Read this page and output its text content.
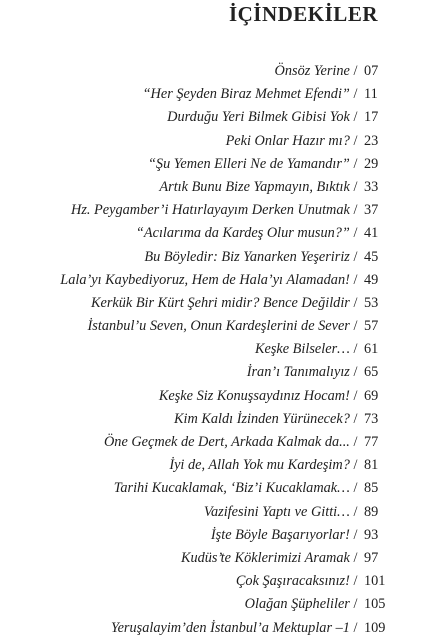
İÇİNDEKİLER
Önsöz Yerine / 07
“Her Şeyden Biraz Mehmet Efendi” / 11
Durduğu Yeri Bilmek Gibisi Yok / 17
Peki Onlar Hazır mı? / 23
“Şu Yemen Elleri Ne de Yamandır” / 29
Artık Bunu Bize Yapmayın, Bıktık / 33
Hz. Peygamber’i Hatırlayayım Derken Unutmak / 37
“Acılarıma da Kardeş Olur musun?” / 41
Bu Böyledir: Biz Yanarken Yeşeririz / 45
Lala’yı Kaybediyoruz, Hem de Hala’yı Alamadan! / 49
Kerkük Bir Kürt Şehri midir? Bence Değildir / 53
İstanbul’u Seven, Onun Kardeşlerini de Sever / 57
Keşke Bilseler… / 61
İran’ı Tanımalıyız / 65
Keşke Siz Konuşsaydınız Hocam! / 69
Kim Kaldı İzinden Yürünecek? / 73
Öne Geçmek de Dert, Arkada Kalmak da... / 77
İyi de, Allah Yok mu Kardeşim? / 81
Tarihi Kucaklamak, ‘Biz’i Kucaklamak… / 85
Vazifesini Yaptı ve Gitti… / 89
İşte Böyle Başarıyorlar! / 93
Kudüs’te Köklerimizi Aramak / 97
Çok Şaşıracaksınız! / 101
Olağan Şüpheliler / 105
Yeruşalayim’den İstanbul’a Mektuplar –1 / 109
